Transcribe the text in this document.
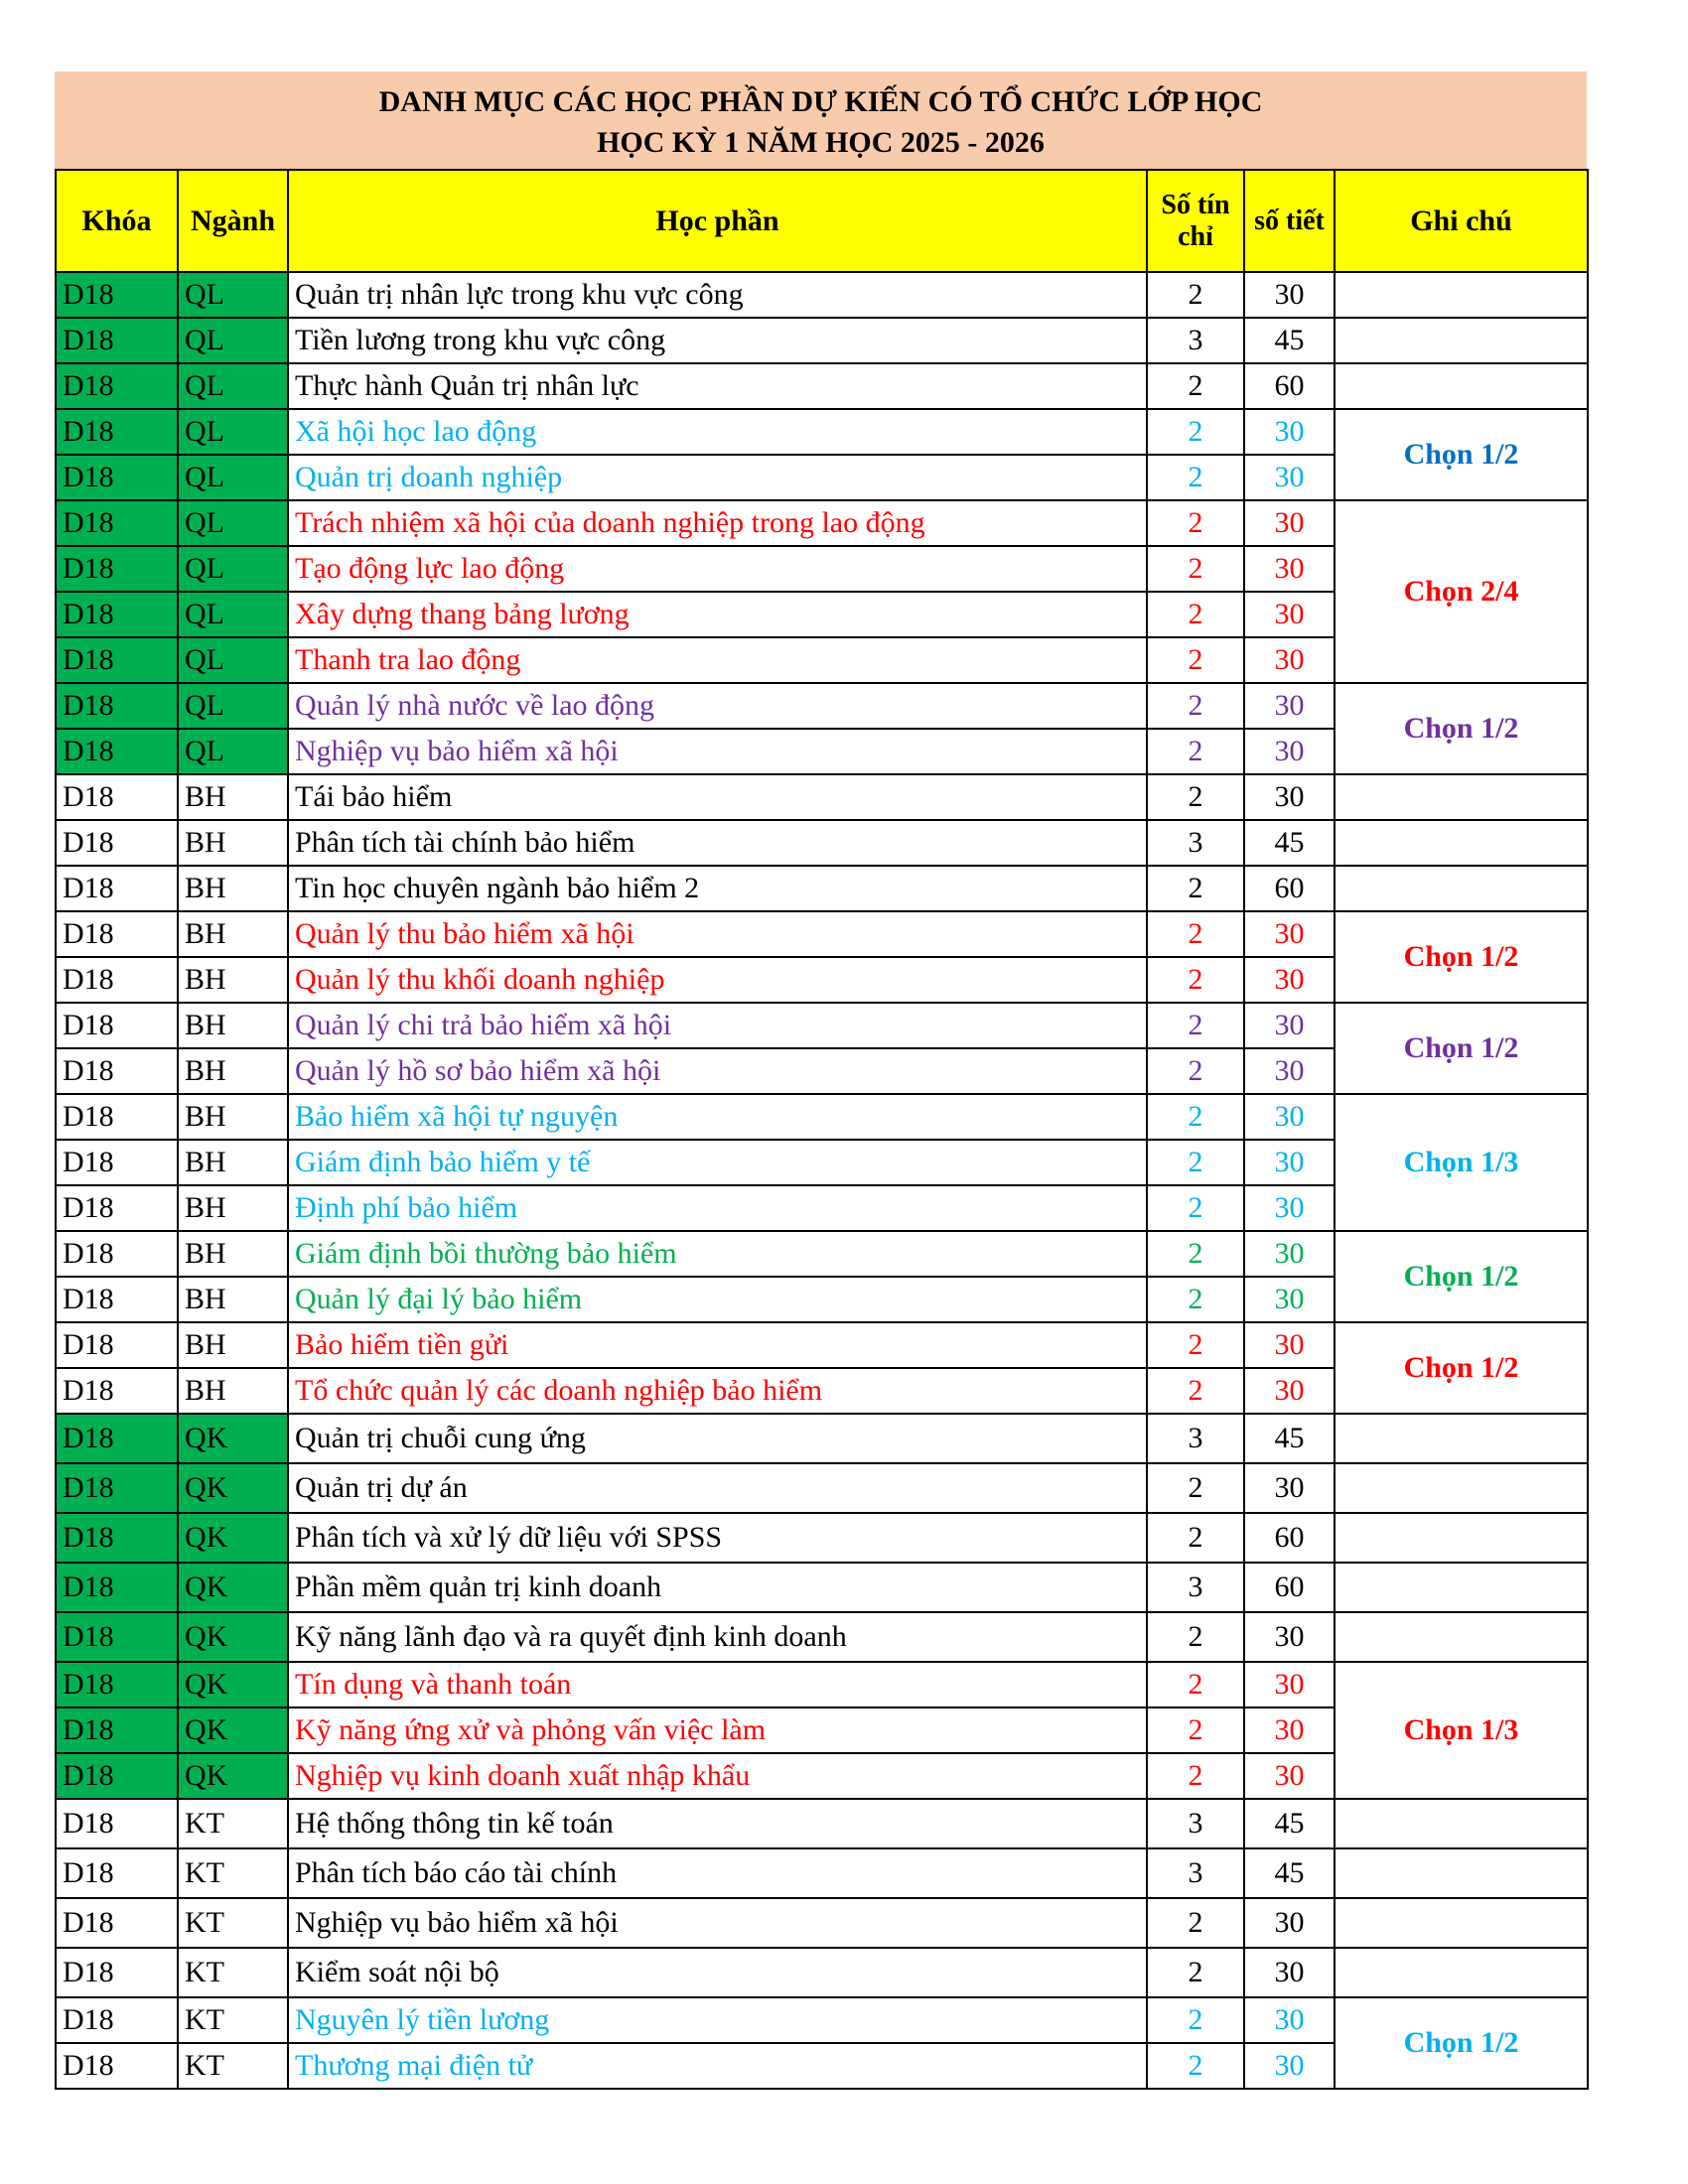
DANH MỤC CÁC HỌC PHẦN DỰ KIẾN CÓ TỔ CHỨC LỚP HỌC
HỌC KỲ 1 NĂM HỌC 2025 - 2026
Khóa	Ngành	Học phần	Số tín chỉ	số tiết	Ghi chú
D18	QL	Quản trị nhân lực trong khu vực công	2	30	
D18	QL	Tiền lương trong khu vực công	3	45	
D18	QL	Thực hành Quản trị nhân lực	2	60	
D18	QL	Xã hội học lao động	2	30	Chọn 1/2
D18	QL	Quản trị doanh nghiệp	2	30	
D18	QL	Trách nhiệm xã hội của doanh nghiệp trong lao động	2	30	Chọn 2/4
D18	QL	Tạo động lực lao động	2	30	
D18	QL	Xây dựng thang bảng lương	2	30	
D18	QL	Thanh tra lao động	2	30	
D18	QL	Quản lý nhà nước về lao động	2	30	Chọn 1/2
D18	QL	Nghiệp vụ bảo hiểm xã hội	2	30	
D18	BH	Tái bảo hiểm	2	30	
D18	BH	Phân tích tài chính bảo hiểm	3	45	
D18	BH	Tin học chuyên ngành bảo hiểm 2	2	60	
D18	BH	Quản lý thu bảo hiểm xã hội	2	30	Chọn 1/2
D18	BH	Quản lý thu khối doanh nghiệp	2	30	
D18	BH	Quản lý chi trả bảo hiểm xã hội	2	30	Chọn 1/2
D18	BH	Quản lý hồ sơ bảo hiểm xã hội	2	30	
D18	BH	Bảo hiểm xã hội tự nguyện	2	30	Chọn 1/3
D18	BH	Giám định bảo hiểm y tế	2	30	
D18	BH	Định phí bảo hiểm	2	30	
D18	BH	Giám định bồi thường bảo hiểm	2	30	Chọn 1/2
D18	BH	Quản lý đại lý bảo hiểm	2	30	
D18	BH	Bảo hiểm tiền gửi	2	30	Chọn 1/2
D18	BH	Tổ chức quản lý các doanh nghiệp bảo hiểm	2	30	
D18	QK	Quản trị chuỗi cung ứng	3	45	
D18	QK	Quản trị dự án	2	30	
D18	QK	Phân tích và xử lý dữ liệu với SPSS	2	60	
D18	QK	Phần mềm quản trị kinh doanh	3	60	
D18	QK	Kỹ năng lãnh đạo và ra quyết định kinh doanh	2	30	
D18	QK	Tín dụng và thanh toán	2	30	Chọn 1/3
D18	QK	Kỹ năng ứng xử và phỏng vấn việc làm	2	30	
D18	QK	Nghiệp vụ kinh doanh xuất nhập khẩu	2	30	
D18	KT	Hệ thống thông tin kế toán	3	45	
D18	KT	Phân tích báo cáo tài chính	3	45	
D18	KT	Nghiệp vụ bảo hiểm xã hội	2	30	
D18	KT	Kiểm soát nội bộ	2	30	
D18	KT	Nguyên lý tiền lương	2	30	Chọn 1/2
D18	KT	Thương mại điện tử	2	30	
